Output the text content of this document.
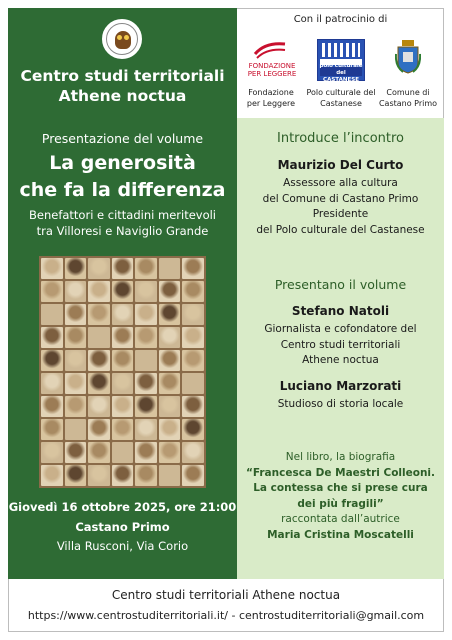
Centro studi territoriali
Athene noctua
Presentazione del volume
La generosità
che fa la differenza
Benefattori e cittadini meritevoli
tra Villoresi e Naviglio Grande
Giovedì 16 ottobre 2025, ore 21:00
Castano Primo
Villa Rusconi, Via Corio
Con il patrocinio di
FONDAZIONE
PER LEGGERE
Fondazione
per Leggere
polo culturale del
CASTANESE
Polo culturale del
Castanese
Comune di
Castano Primo
Introduce l’incontro
Maurizio Del Curto
Assessore alla cultura
del Comune di Castano Primo
Presidente
del Polo culturale del Castanese
Presentano il volume
Stefano Natoli
Giornalista e cofondatore del
Centro studi territoriali
Athene noctua
Luciano Marzorati
Studioso di storia locale
Nel libro, la biografia
“Francesca De Maestri Colleoni.
La contessa che si prese cura
dei più fragili”
raccontata dall’autrice
Maria Cristina Moscatelli
Centro studi territoriali Athene noctua
https://www.centrostuditerritoriali.it/ - centrostuditerritoriali@gmail.com
